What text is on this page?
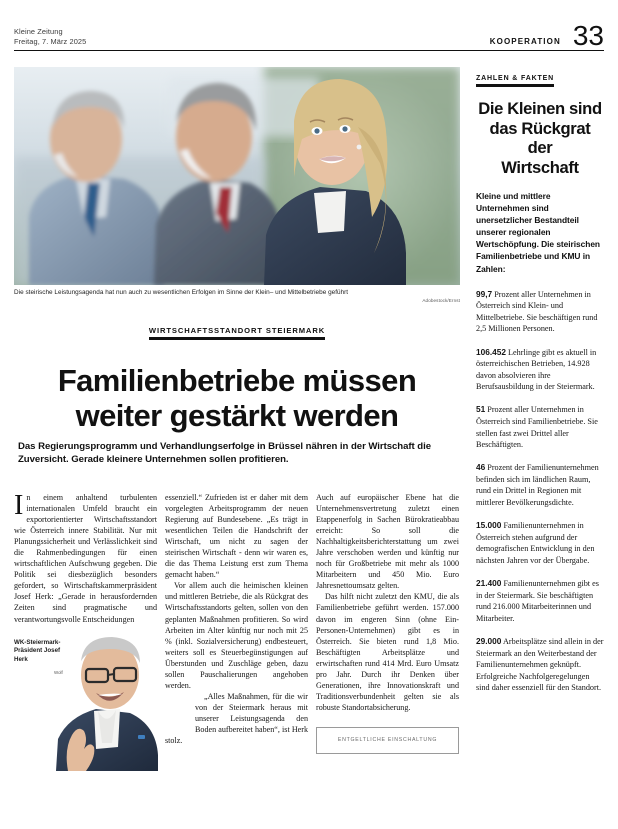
Kleine Zeitung
Freitag, 7. März 2025	KOOPERATION 33
Die steirische Leistungsagenda hat nun auch zu wesentlichen Erfolgen im Sinne der Klein– und Mittelbetriebe geführt
Adobestock/Ernst
WIRTSCHAFTSSTANDORT STEIERMARK
Familienbetriebe müssen
weiter gestärkt werden
Das Regierungsprogramm und Verhandlungserfolge in Brüssel nähren in der Wirtschaft die Zuversicht. Gerade kleinere Unternehmen sollen profitieren.

In einem anhaltend turbulenten internationalen Umfeld braucht ein exportorientierter Wirtschaftsstandort wie Österreich innere Stabilität. Nur mit Planungssicherheit und Verlässlichkeit sind die Rahmenbedingungen für einen wirtschaftlichen Aufschwung gegeben. Die Politik sei diesbezüglich besonders gefordert, so Wirtschaftskammerpräsident Josef Herk: „Gerade in herausfordernden Zeiten sind pragmatische und verantwortungsvolle Entscheidungen

WK-Steiermark-Präsident Josef Herk
Wolf

essenziell.“ Zufrieden ist er daher mit dem vorgelegten Arbeitsprogramm der neuen Regierung auf Bundesebene. „Es trägt in wesentlichen Teilen die Handschrift der Wirtschaft, um nicht zu sagen der steirischen Wirtschaft - denn wir waren es, die das Thema Leistung erst zum Thema gemacht haben.“

Vor allem auch die heimischen kleinen und mittleren Betriebe, die als Rückgrat des Wirtschaftsstandorts gelten, sollen von den geplanten Maßnahmen profitieren. So wird Arbeiten im Alter künftig nur noch mit 25 % (inkl. Sozialversicherung) endbesteuert, weiters soll es Steuerbegünstigungen auf Überstunden und Zuschläge geben, dazu sollen Pauschalierungen angehoben werden.

„Alles Maßnahmen, für die wir von der Steiermark heraus mit unserer Leistungsagenda den Boden aufbereitet haben“, ist Herk stolz.

Auch auf europäischer Ebene hat die Unternehmensvertretung zuletzt einen Etappenerfolg in Sachen Bürokratieabbau erreicht: So soll die Nachhaltigkeitsberichterstattung um zwei Jahre verschoben werden und künftig nur noch für Großbetriebe mit mehr als 1000 Mitarbeitern und 450 Mio. Euro Jahresnettoumsatz gelten.

Das hilft nicht zuletzt den KMU, die als Familienbetriebe geführt werden. 157.000 davon im engeren Sinn (ohne Ein-Personen-Unternehmen) gibt es in Österreich. Sie bieten rund 1,8 Mio. Beschäftigten Arbeitsplätze und erwirtschaften rund 414 Mrd. Euro Umsatz pro Jahr. Durch ihr Denken über Generationen, ihre Innovationskraft und Traditionsverbundenheit gelten sie als robuste Standortabsicherung.

ENTGELTLICHE EINSCHALTUNG
ZAHLEN & FAKTEN
Die Kleinen sind
das Rückgrat der
Wirtschaft
Kleine und mittlere Unternehmen sind unersetzlicher Bestandteil unserer regionalen Wertschöpfung. Die steirischen Familienbetriebe und KMU in Zahlen:
99,7 Prozent aller Unternehmen in Österreich sind Klein- und Mittelbetriebe. Sie beschäftigen rund 2,5 Millionen Personen.
106.452 Lehrlinge gibt es aktuell in österreichischen Betrieben, 14.928 davon absolvieren ihre Berufsausbildung in der Steiermark.
51 Prozent aller Unternehmen in Österreich sind Familienbetriebe. Sie stellen fast zwei Drittel aller Beschäftigten.
46 Prozent der Familienunternehmen befinden sich im ländlichen Raum, rund ein Drittel in Regionen mit mittlerer Bevölkerungsdichte.
15.000 Familienunternehmen in Österreich stehen aufgrund der demografischen Entwicklung in den nächsten Jahren vor der Übergabe.
21.400 Familienunternehmen gibt es in der Steiermark. Sie beschäftigten rund 216.000 Mitarbeiterinnen und Mitarbeiter.
29.000 Arbeitsplätze sind allein in der Steiermark an den Weiterbestand der Familienunternehmen geknüpft. Erfolgreiche Nachfolgeregelungen sind daher essenziell für den Standort.
